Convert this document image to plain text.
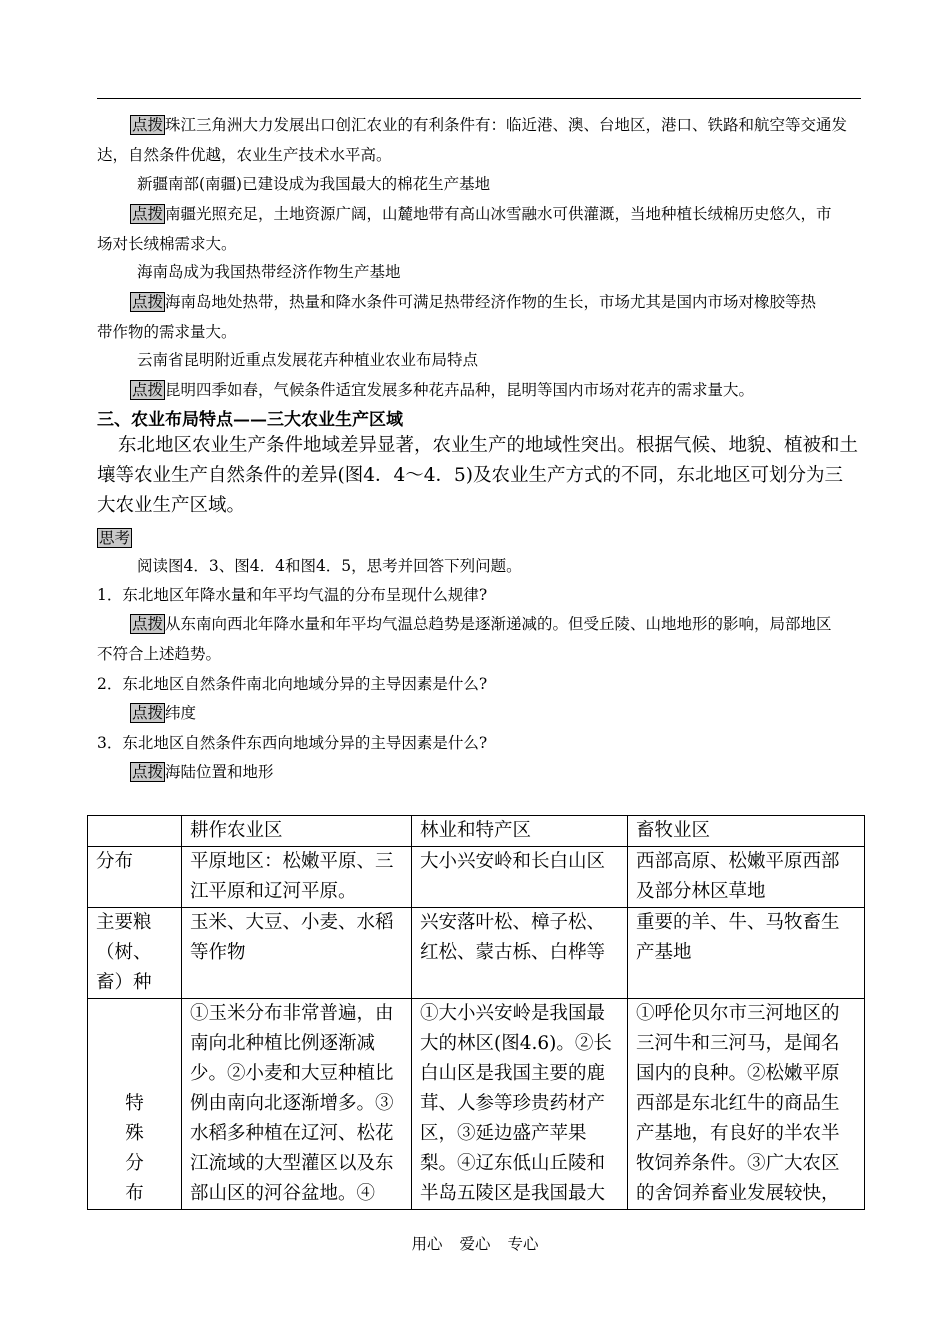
点拨 珠江三角洲大力发展出口创汇农业的有利条件有：临近港、澳、台地区，港口、铁路和航空等交通发
达，自然条件优越，农业生产技术水平高。
新疆南部(南疆)已建设成为我国最大的棉花生产基地
点拨 南疆光照充足，土地资源广阔，山麓地带有高山冰雪融水可供灌溉，当地种植长绒棉历史悠久，市
场对长绒棉需求大。
海南岛成为我国热带经济作物生产基地
点拨 海南岛地处热带，热量和降水条件可满足热带经济作物的生长，市场尤其是国内市场对橡胶等热
带作物的需求量大。
云南省昆明附近重点发展花卉种植业农业布局特点
点拨 昆明四季如春，气候条件适宜发展多种花卉品种，昆明等国内市场对花卉的需求量大。
三、农业布局特点——三大农业生产区域
东北地区农业生产条件地域差异显著，农业生产的地域性突出。根据气候、地貌、植被和土
壤等农业生产自然条件的差异(图4．4～4．5)及农业生产方式的不同，东北地区可划分为三
大农业生产区域。
思考
阅读图4．3、图4．4和图4．5，思考并回答下列问题。
1．东北地区年降水量和年平均气温的分布呈现什么规律?
点拨 从东南向西北年降水量和年平均气温总趋势是逐渐递减的。但受丘陵、山地地形的影响，局部地区
不符合上述趋势。
2．东北地区自然条件南北向地域分异的主导因素是什么?
点拨 纬度
3．东北地区自然条件东西向地域分异的主导因素是什么?
点拨 海陆位置和地形
	耕作农业区	林业和特产区	畜牧业区
分布	平原地区：松嫩平原、三江平原和辽河平原。	大小兴安岭和长白山区	西部高原、松嫩平原西部及部分林区草地
主要粮（树、畜）种	玉米、大豆、小麦、水稻等作物	兴安落叶松、樟子松、红松、蒙古栎、白桦等	重要的羊、牛、马牧畜生产基地

特殊分布	①玉米分布非常普遍，由南向北种植比例逐渐减少。②小麦和大豆种植比例由南向北逐渐增多。③水稻多种植在辽河、松花江流域的大型灌区以及东部山区的河谷盆地。④	①大小兴安岭是我国最大的林区(图4.6)。②长白山区是我国主要的鹿茸、人参等珍贵药材产区，③延边盛产苹果梨。④辽东低山丘陵和半岛五陵区是我国最大	①呼伦贝尔市三河地区的三河牛和三河马，是闻名国内的良种。②松嫩平原西部是东北红牛的商品生产基地，有良好的半农半牧饲养条件。③广大农区的舍饲养畜业发展较快，
用心 爱心 专心
